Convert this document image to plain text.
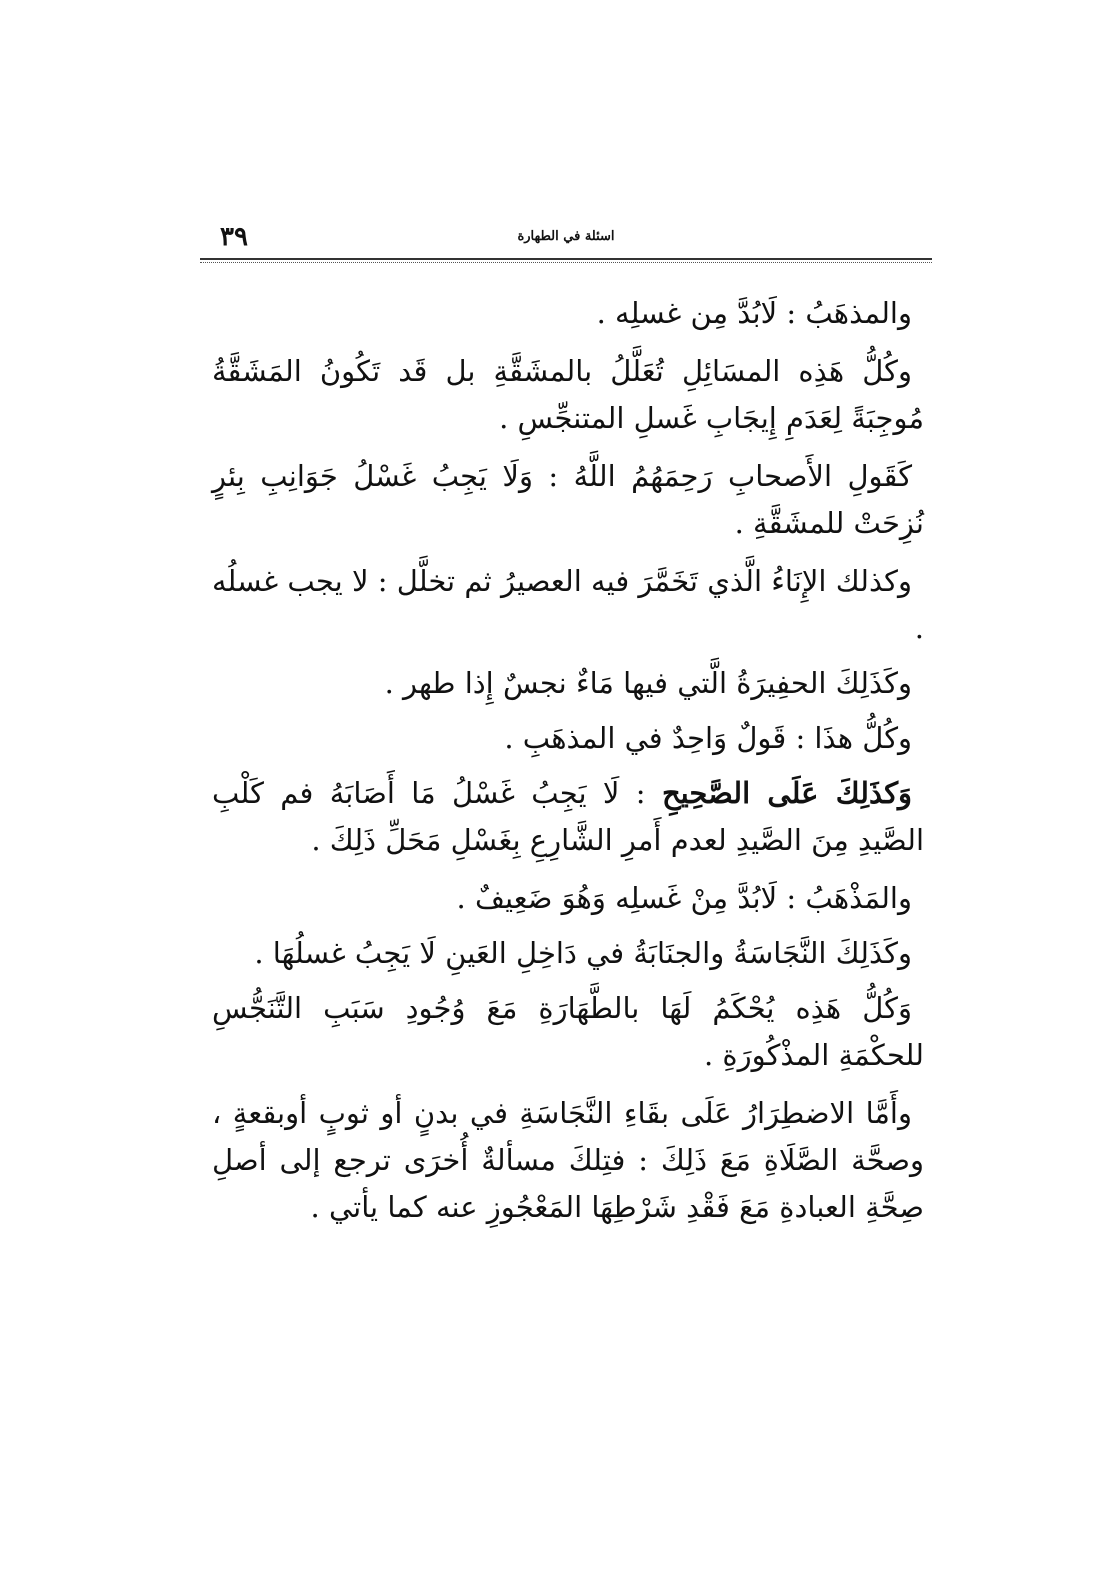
٣٩	اسئلة في الطهارة

والمذهَبُ : لَابُدَّ مِن غسلِه .

وكُلُّ هَذِه المسَائِلِ تُعَلَّلُ بالمشَقَّةِ بل قَد تَكُونُ المَشَقَّةُ مُوجِبَةً لِعَدَمِ إِيجَابِ غَسلِ المتنجِّسِ .

كَقَولِ الأَصحابِ رَحِمَهُمُ اللَّهُ : وَلَا يَجِبُ غَسْلُ جَوَانِبِ بِئرٍ نُزِحَتْ للمشَقَّةِ .

وكذلك الإِنَاءُ الَّذي تَخَمَّرَ فيه العصيرُ ثم تخلَّل : لا يجب غسلُه .

وكَذَلِكَ الحفِيرَةُ الَّتي فيها مَاءٌ نجسٌ إِذا طهر .

وكُلُّ هذَا : قَولٌ وَاحِدٌ في المذهَبِ .

وَكذَلِكَ عَلَى الصَّحِيحِ : لَا يَجِبُ غَسْلُ مَا أَصَابَهُ فم كَلْبِ الصَّيدِ مِنَ الصَّيدِ لعدم أَمرِ الشَّارِعِ بِغَسْلِ مَحَلِّ ذَلِكَ .

والمَذْهَبُ : لَابُدَّ مِنْ غَسلِه وَهُوَ ضَعِيفٌ .

وكَذَلِكَ النَّجَاسَةُ والجنَابَةُ في دَاخِلِ العَينِ لَا يَجِبُ غسلُهَا .

وَكُلُّ هَذِه يُحْكَمُ لَهَا بالطَّهَارَةِ مَعَ وُجُودِ سَبَبِ التَّنَجُّسِ للحكْمَةِ المذْكُورَةِ .

وأَمَّا الاضطِرَارُ عَلَى بقَاءِ النَّجَاسَةِ في بدنٍ أو ثوبٍ أوبقعةٍ ، وصحَّة الصَّلَاةِ مَعَ ذَلِكَ : فتِلكَ مسألةٌ أُخرَى ترجع إلى أصلِ صِحَّةِ العبادةِ مَعَ فَقْدِ شَرْطِهَا المَعْجُوزِ عنه كما يأتي .
